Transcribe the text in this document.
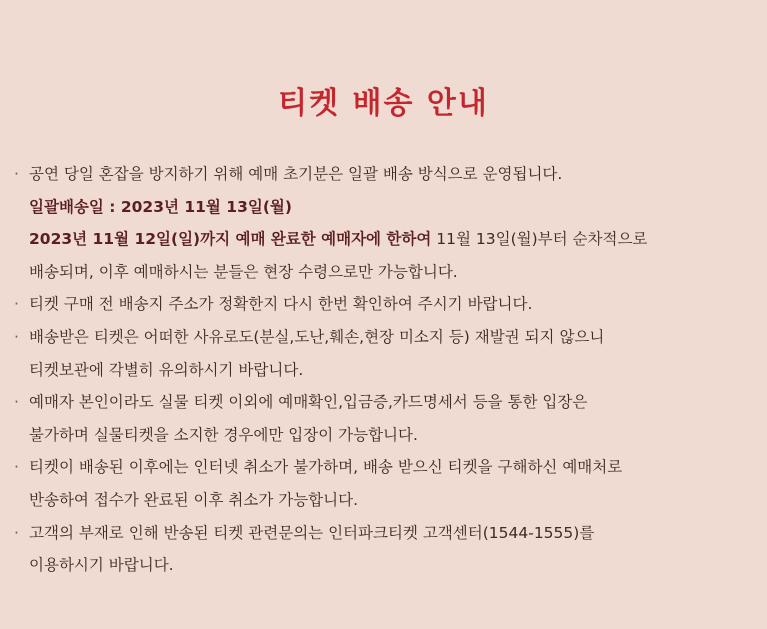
티켓 배송 안내
· 공연 당일 혼잡을 방지하기 위해 예매 초기분은 일괄 배송 방식으로 운영됩니다.
일괄배송일 : 2023년 11월 13일(월)
2023년 11월 12일(일)까지 예매 완료한 예매자에 한하여 11월 13일(월)부터 순차적으로
배송되며, 이후 예매하시는 분들은 현장 수령으로만 가능합니다.
· 티켓 구매 전 배송지 주소가 정확한지 다시 한번 확인하여 주시기 바랍니다.
· 배송받은 티켓은 어떠한 사유로도(분실,도난,훼손,현장 미소지 등) 재발권 되지 않으니
티켓보관에 각별히 유의하시기 바랍니다.
· 예매자 본인이라도 실물 티켓 이외에 예매확인,입금증,카드명세서 등을 통한 입장은
불가하며 실물티켓을 소지한 경우에만 입장이 가능합니다.
· 티켓이 배송된 이후에는 인터넷 취소가 불가하며, 배송 받으신 티켓을 구해하신 예매처로
반송하여 접수가 완료된 이후 취소가 가능합니다.
· 고객의 부재로 인해 반송된 티켓 관련문의는 인터파크티켓 고객센터(1544-1555)를
이용하시기 바랍니다.
